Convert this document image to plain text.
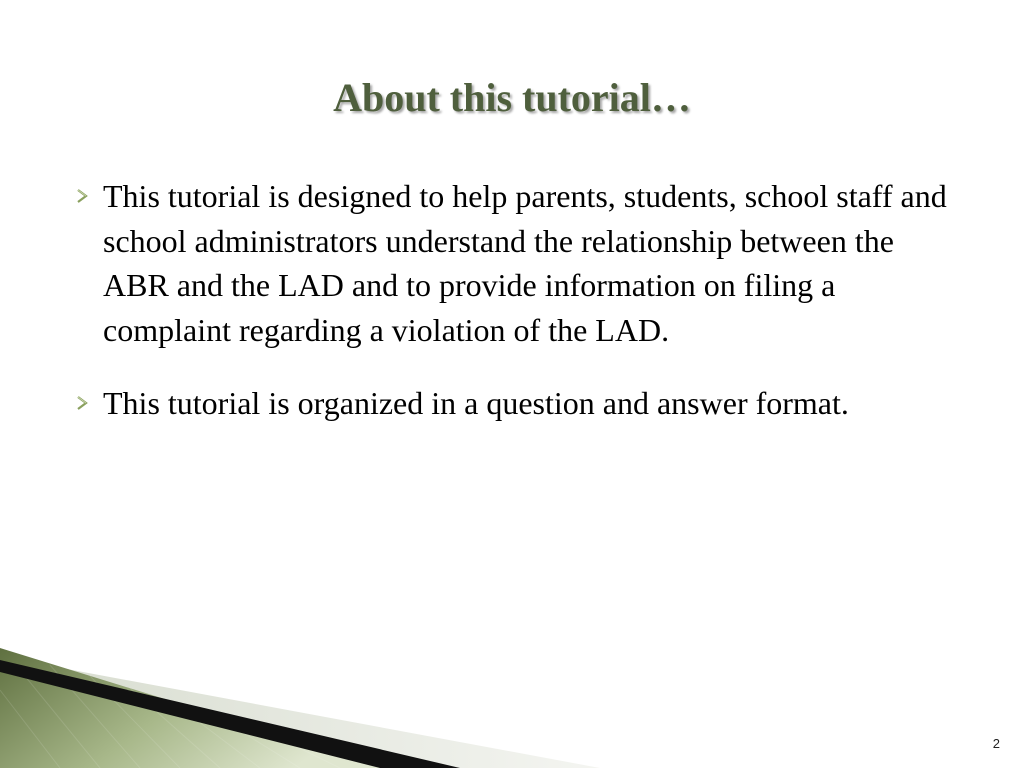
About this tutorial…
This tutorial is designed to help parents, students, school staff and school administrators understand the relationship between the ABR and the LAD and to provide information on filing a complaint regarding a violation of the LAD.
This tutorial is organized in a question and answer format.
2
